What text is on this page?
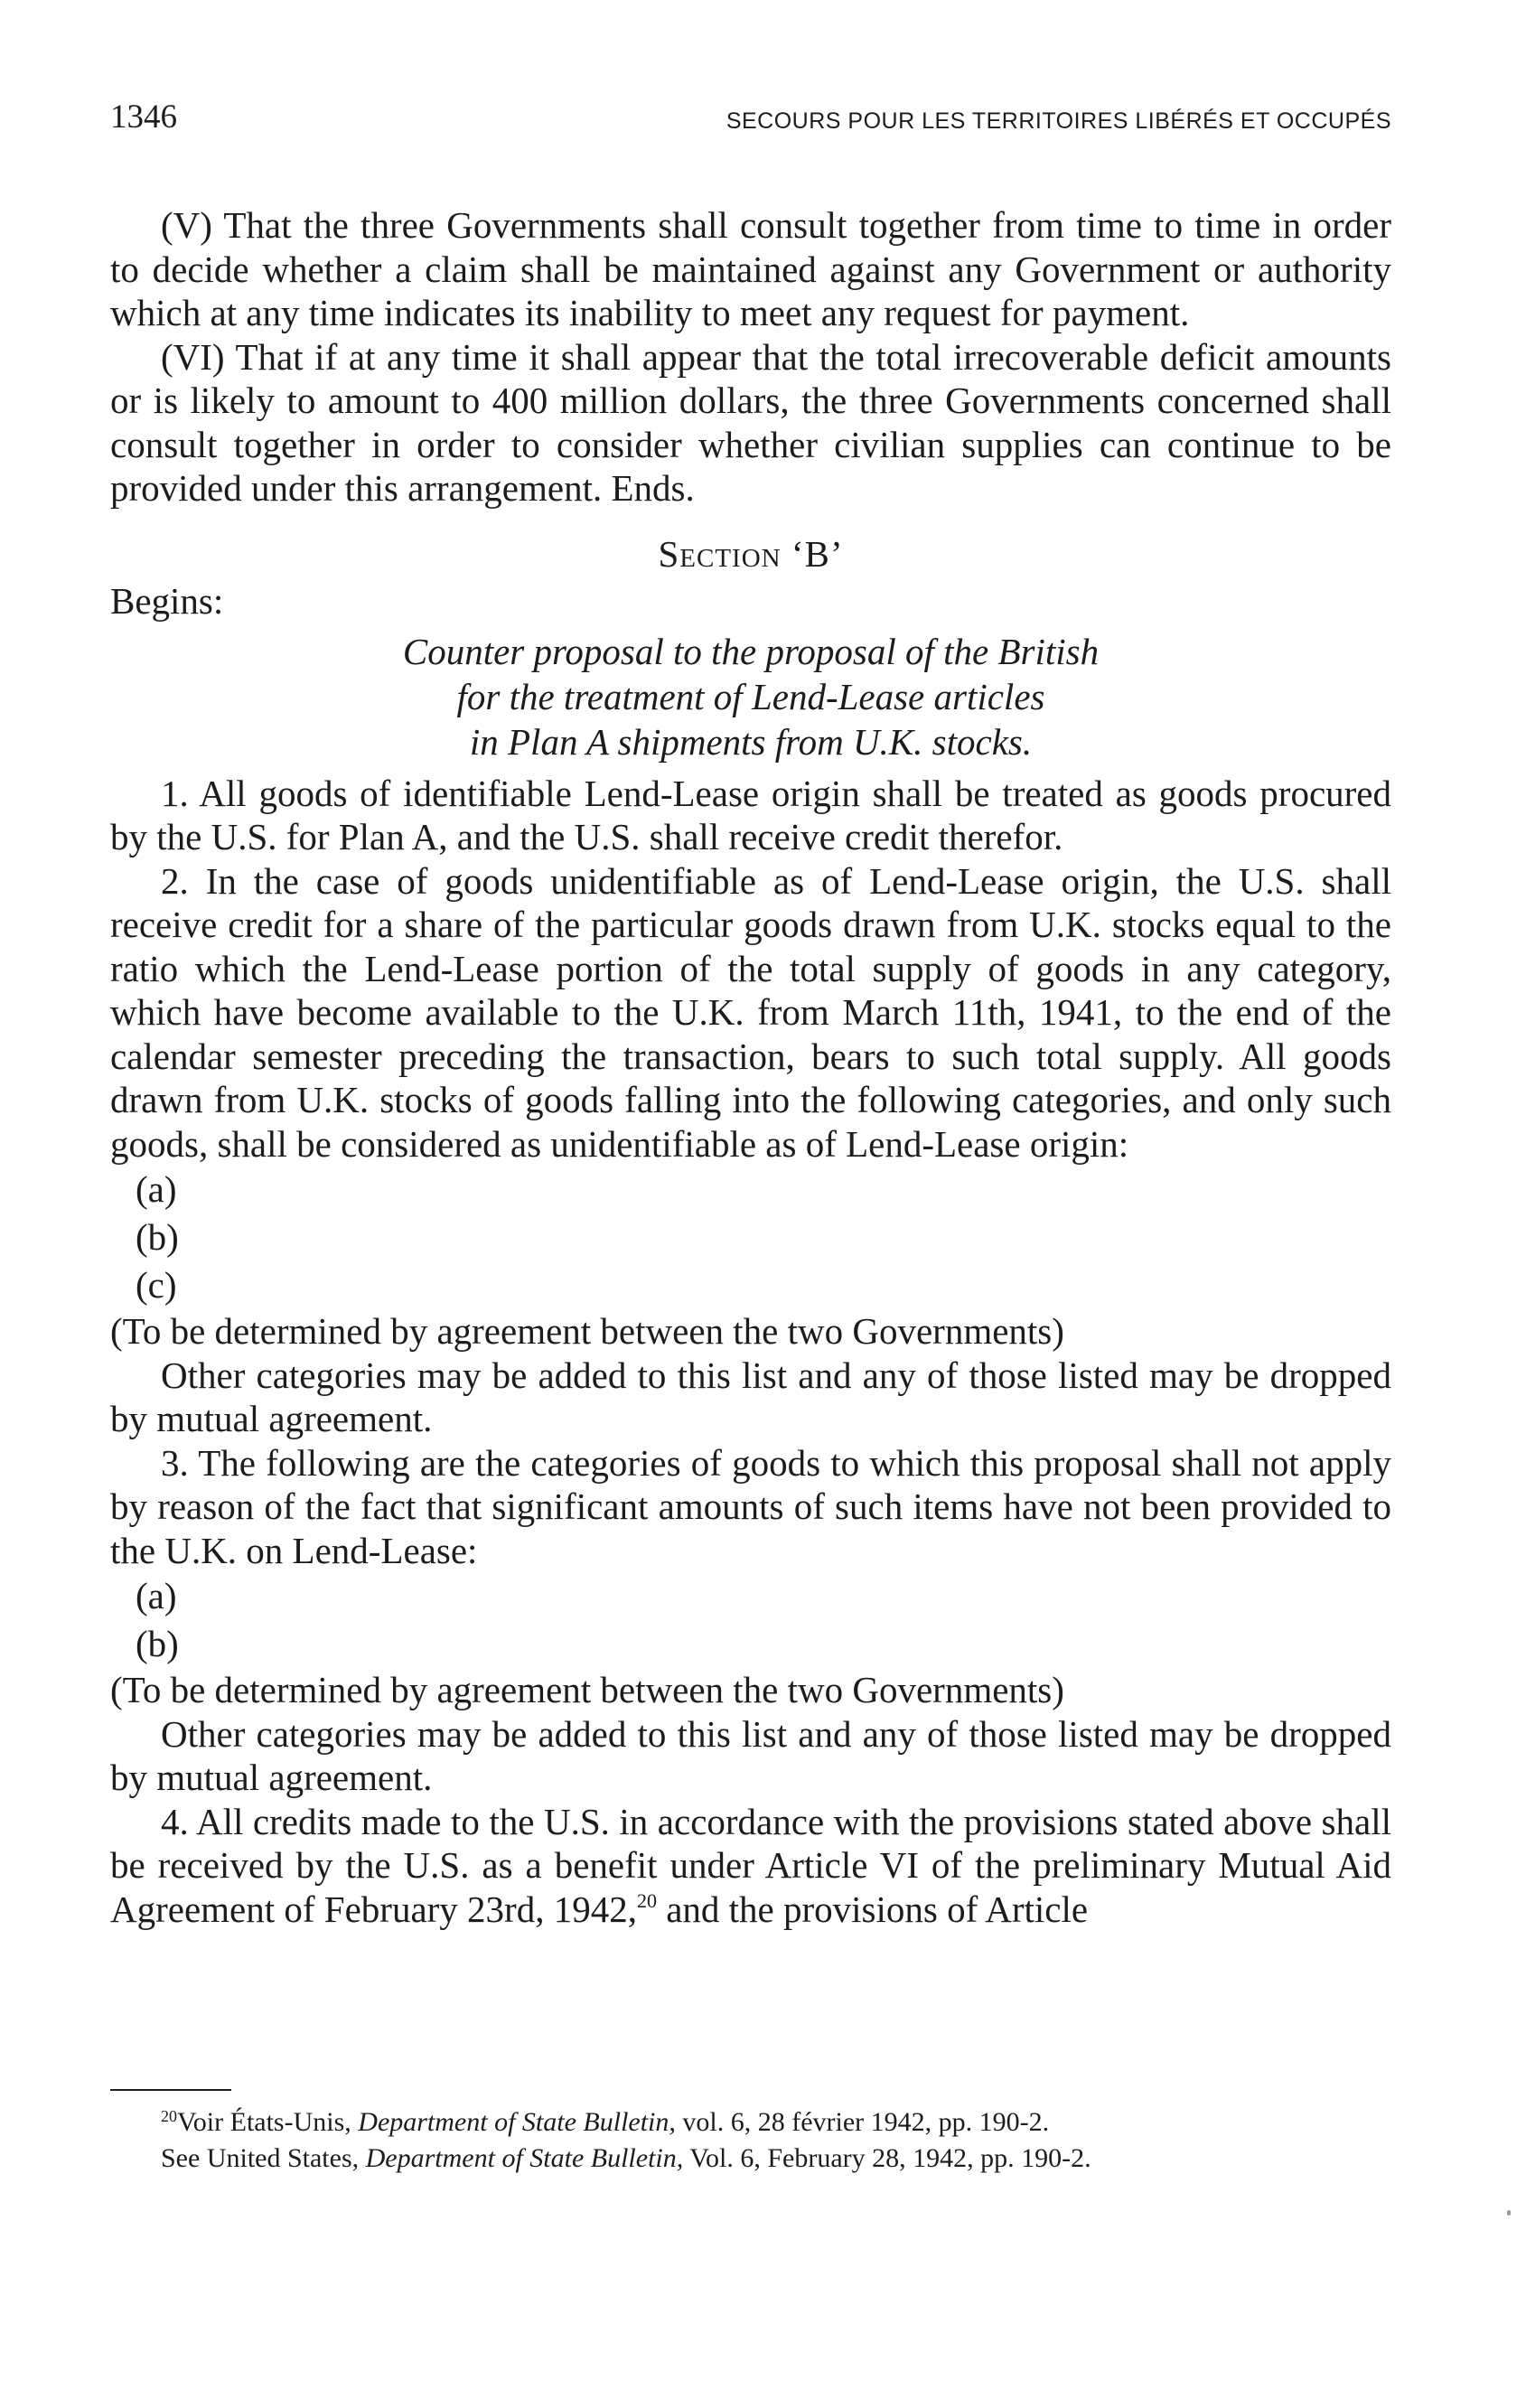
1346	SECOURS POUR LES TERRITOIRES LIBÉRÉS ET OCCUPÉS

(V) That the three Governments shall consult together from time to time in order to decide whether a claim shall be maintained against any Government or authority which at any time indicates its inability to meet any request for payment.

(VI) That if at any time it shall appear that the total irrecoverable deficit amounts or is likely to amount to 400 million dollars, the three Governments concerned shall consult together in order to consider whether civilian supplies can continue to be provided under this arrangement. Ends.

Section ‘B’

Begins:

Counter proposal to the proposal of the British
for the treatment of Lend-Lease articles
in Plan A shipments from U.K. stocks.

1. All goods of identifiable Lend-Lease origin shall be treated as goods procured by the U.S. for Plan A, and the U.S. shall receive credit therefor.

2. In the case of goods unidentifiable as of Lend-Lease origin, the U.S. shall receive credit for a share of the particular goods drawn from U.K. stocks equal to the ratio which the Lend-Lease portion of the total supply of goods in any category, which have become available to the U.K. from March 11th, 1941, to the end of the calendar semester preceding the transaction, bears to such total supply. All goods drawn from U.K. stocks of goods falling into the following categories, and only such goods, shall be considered as unidentifiable as of Lend-Lease origin:

(a)

(b)

(c)

(To be determined by agreement between the two Governments)

Other categories may be added to this list and any of those listed may be dropped by mutual agreement.

3. The following are the categories of goods to which this proposal shall not apply by reason of the fact that significant amounts of such items have not been provided to the U.K. on Lend-Lease:

(a)

(b)

(To be determined by agreement between the two Governments)

Other categories may be added to this list and any of those listed may be dropped by mutual agreement.

4. All credits made to the U.S. in accordance with the provisions stated above shall be received by the U.S. as a benefit under Article VI of the preliminary Mutual Aid Agreement of February 23rd, 1942,20 and the provisions of Article

$^{20}$Voir États-Unis, Department of State Bulletin, vol. 6, 28 février 1942, pp. 190-2.

See United States, Department of State Bulletin, Vol. 6, February 28, 1942, pp. 190-2.
